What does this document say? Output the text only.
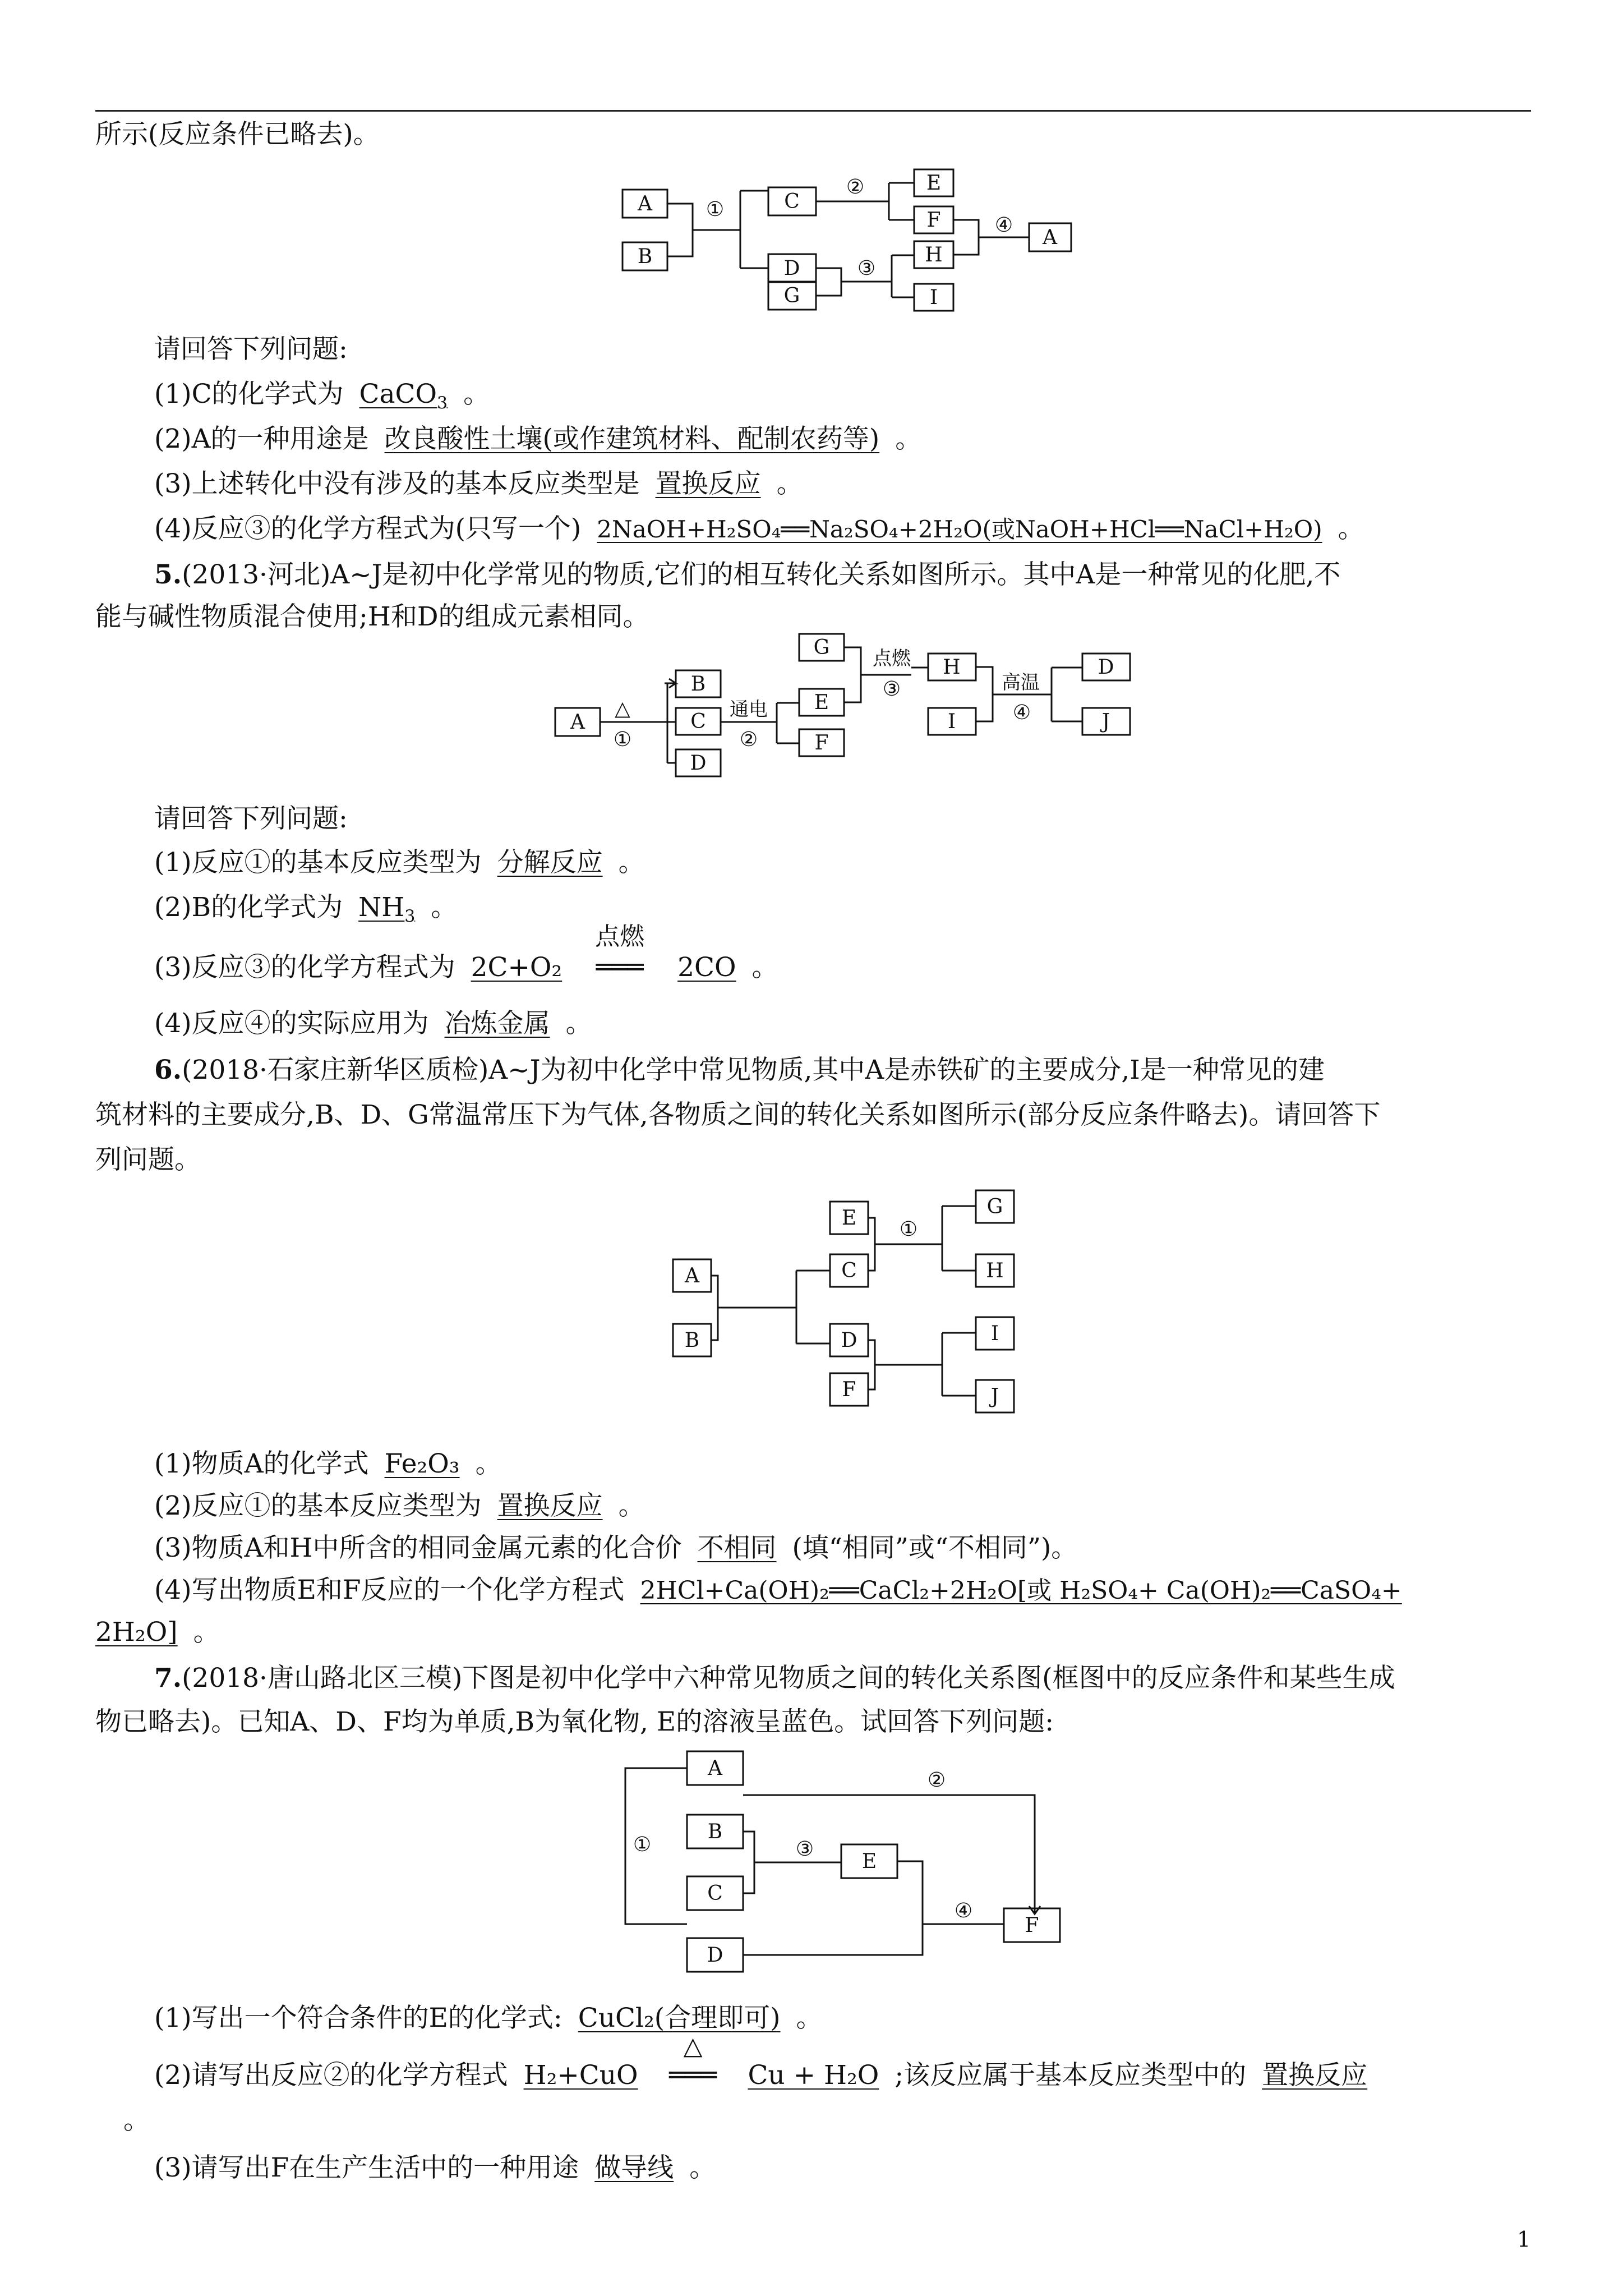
所示(反应条件已略去)。
A
B
C
D
G
E
F
H
I
A
①
②
③
④
请回答下列问题:
(1)C的化学式为 CaCO$_3$ 。
(2)A的一种用途是 改良酸性土壤(或作建筑材料、配制农药等) 。
(3)上述转化中没有涉及的基本反应类型是 置换反应 。
(4)反应③的化学方程式为(只写一个) 2NaOH+H₂SO₄══Na₂SO₄+2H₂O(或NaOH+HCl══NaCl+H₂O) 。
5.(2013·河北)A~J是初中化学常见的物质,它们的相互转化关系如图所示。其中A是一种常见的化肥,不
能与碱性物质混合使用;H和D的组成元素相同。
A
B
C
D
G
E
F
H
I
D
J
△
①
通电
②
点燃
③	高温
④
请回答下列问题:
(1)反应①的基本反应类型为 分解反应 。
(2)B的化学式为 $NH_3$ 。
(3)反应③的化学方程式为 2C+O₂
点燃
═══ 2CO 。
(4)反应④的实际应用为 冶炼金属 。
6.(2018·石家庄新华区质检)A~J为初中化学中常见物质,其中A是赤铁矿的主要成分,I是一种常见的建
筑材料的主要成分,B、D、G常温常压下为气体,各物质之间的转化关系如图所示(部分反应条件略去)。请回答下
列问题。
A
B
E
C
D
F
G
H
I
J
①
(1)物质A的化学式 Fe₂O₃ 。
(2)反应①的基本反应类型为 置换反应 。
(3)物质A和H中所含的相同金属元素的化合价 不相同 (填“相同”或“不相同”)。
(4)写出物质E和F反应的一个化学方程式 2HCl+Ca(OH)₂══CaCl₂+2H₂O[或 H₂SO₄+ Ca(OH)₂══CaSO₄+
2H₂O] 。
7.(2018·唐山路北区三模)下图是初中化学中六种常见物质之间的转化关系图(框图中的反应条件和某些生成
物已略去)。已知A、D、F均为单质,B为氧化物, E的溶液呈蓝色。试回答下列问题:
A
B
C
D
E
F
①
②
③
④
(1)写出一个符合条件的E的化学式: CuCl₂(合理即可) 。
(2)请写出反应②的化学方程式 H₂+CuO
△
═══ Cu + H₂O ;该反应属于基本反应类型中的 置换反应
。
(3)请写出F在生产生活中的一种用途 做导线 。
1
